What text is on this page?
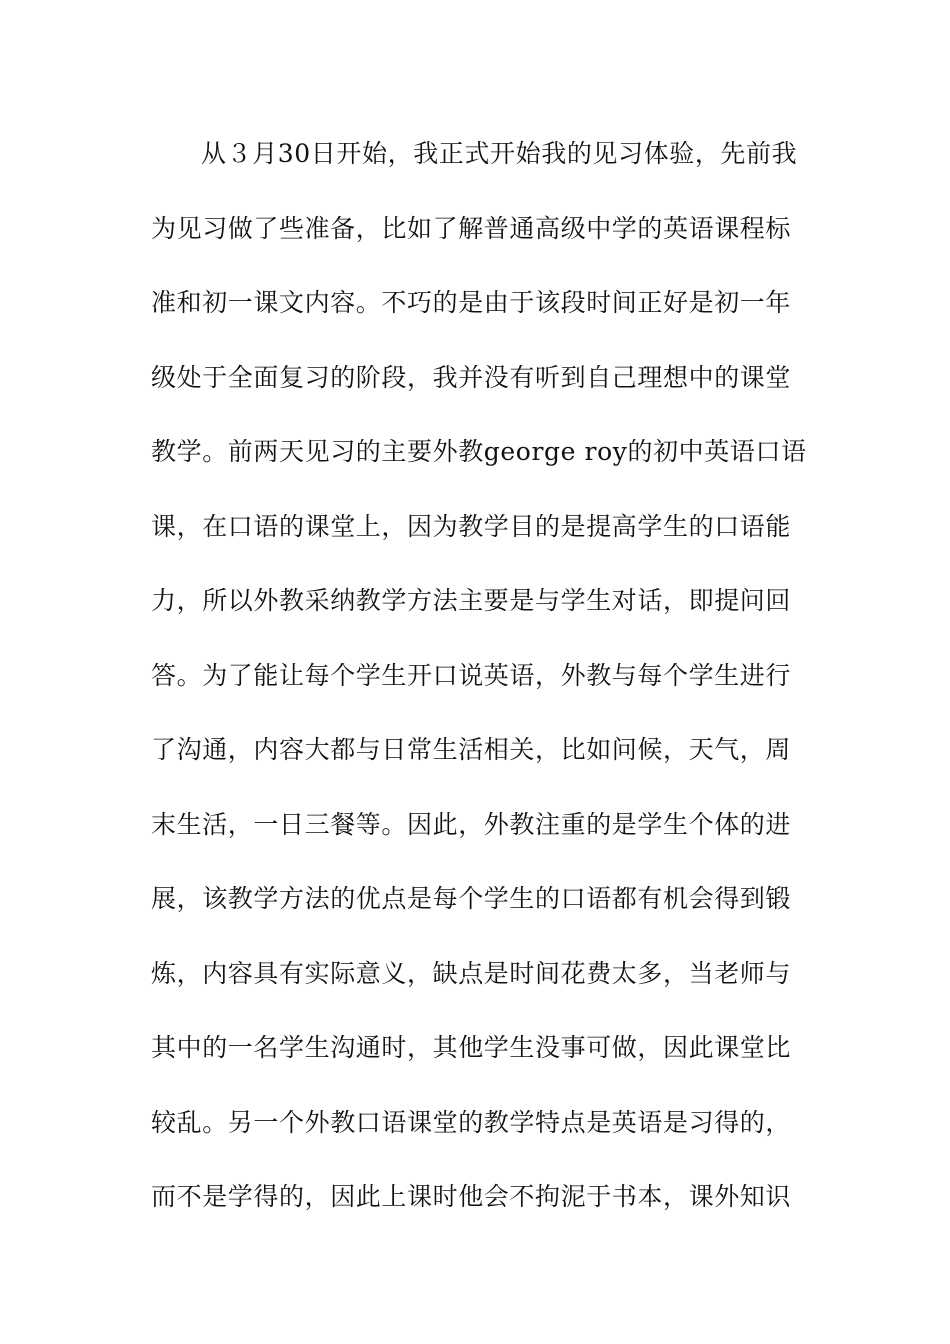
从３月30日开始，我正式开始我的见习体验，先前我
为见习做了些准备，比如了解普通高级中学的英语课程标
准和初一课文内容。不巧的是由于该段时间正好是初一年
级处于全面复习的阶段，我并没有听到自己理想中的课堂
教学。前两天见习的主要外教george roy的初中英语口语
课，在口语的课堂上，因为教学目的是提高学生的口语能
力，所以外教采纳教学方法主要是与学生对话，即提问回
答。为了能让每个学生开口说英语，外教与每个学生进行
了沟通，内容大都与日常生活相关，比如问候，天气，周
末生活，一日三餐等。因此，外教注重的是学生个体的进
展，该教学方法的优点是每个学生的口语都有机会得到锻
炼，内容具有实际意义，缺点是时间花费太多，当老师与
其中的一名学生沟通时，其他学生没事可做，因此课堂比
较乱。另一个外教口语课堂的教学特点是英语是习得的，
而不是学得的，因此上课时他会不拘泥于书本，课外知识
